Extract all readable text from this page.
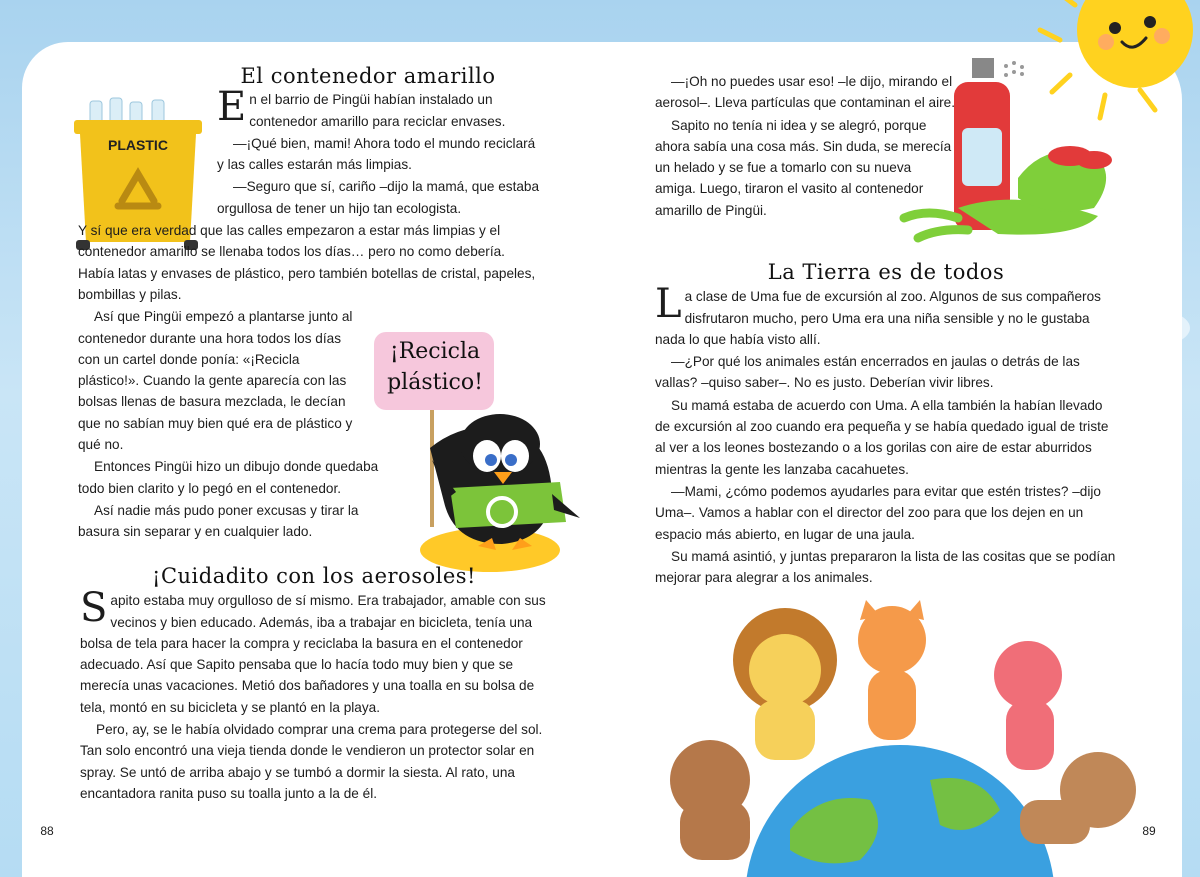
PLASTIC
¡Recicla
plástico!
El contenedor amarillo

En el barrio de Pingüi habían instalado un contenedor amarillo para reciclar envases.

—¡Qué bien, mami! Ahora todo el mundo reciclará y las calles estarán más limpias.

—Seguro que sí, cariño –dijo la mamá, que estaba orgullosa de tener un hijo tan ecologista.

Y sí que era verdad que las calles empezaron a estar más limpias y el contenedor amarillo se llenaba todos los días… pero no como debería. Había latas y envases de plástico, pero también botellas de cristal, papeles, bombillas y pilas.

Así que Pingüi empezó a plantarse junto al contenedor durante una hora todos los días con un cartel donde ponía: «¡Recicla plástico!». Cuando la gente aparecía con las bolsas llenas de basura mezclada, le decían que no sabían muy bien qué era de plástico y qué no.

Entonces Pingüi hizo un dibujo donde quedaba todo bien clarito y lo pegó en el contenedor.

Así nadie más pudo poner excusas y tirar la basura sin separar y en cualquier lado.

¡Cuidadito con los aerosoles!

Sapito estaba muy orgulloso de sí mismo. Era trabajador, amable con sus vecinos y bien educado. Además, iba a trabajar en bicicleta, tenía una bolsa de tela para hacer la compra y reciclaba la basura en el contenedor adecuado. Así que Sapito pensaba que lo hacía todo muy bien y que se merecía unas vacaciones. Metió dos bañadores y una toalla en su bolsa de tela, montó en su bicicleta y se plantó en la playa.

Pero, ay, se le había olvidado comprar una crema para protegerse del sol. Tan solo encontró una vieja tienda donde le vendieron un protector solar en spray. Se untó de arriba abajo y se tumbó a dormir la siesta. Al rato, una encantadora ranita puso su toalla junto a la de él.

88

—¡Oh no puedes usar eso! –le dijo, mirando el aerosol–. Lleva partículas que contaminan el aire.

Sapito no tenía ni idea y se alegró, porque ahora sabía una cosa más. Sin duda, se merecía un helado y se fue a tomarlo con su nueva amiga. Luego, tiraron el vasito al contenedor amarillo de Pingüi.

La Tierra es de todos

La clase de Uma fue de excursión al zoo. Algunos de sus compañeros disfrutaron mucho, pero Uma era una niña sensible y no le gustaba nada lo que había visto allí.

—¿Por qué los animales están encerrados en jaulas o detrás de las vallas? –quiso saber–. No es justo. Deberían vivir libres.

Su mamá estaba de acuerdo con Uma. A ella también la habían llevado de excursión al zoo cuando era pequeña y se había quedado igual de triste al ver a los leones bostezando o a los gorilas con aire de estar aburridos mientras la gente les lanzaba cacahuetes.

—Mami, ¿cómo podemos ayudarles para evitar que estén tristes? –dijo Uma–. Vamos a hablar con el director del zoo para que los dejen en un espacio más abierto, en lugar de una jaula.

Su mamá asintió, y juntas prepararon la lista de las cositas que se podían mejorar para alegrar a los animales.

89
